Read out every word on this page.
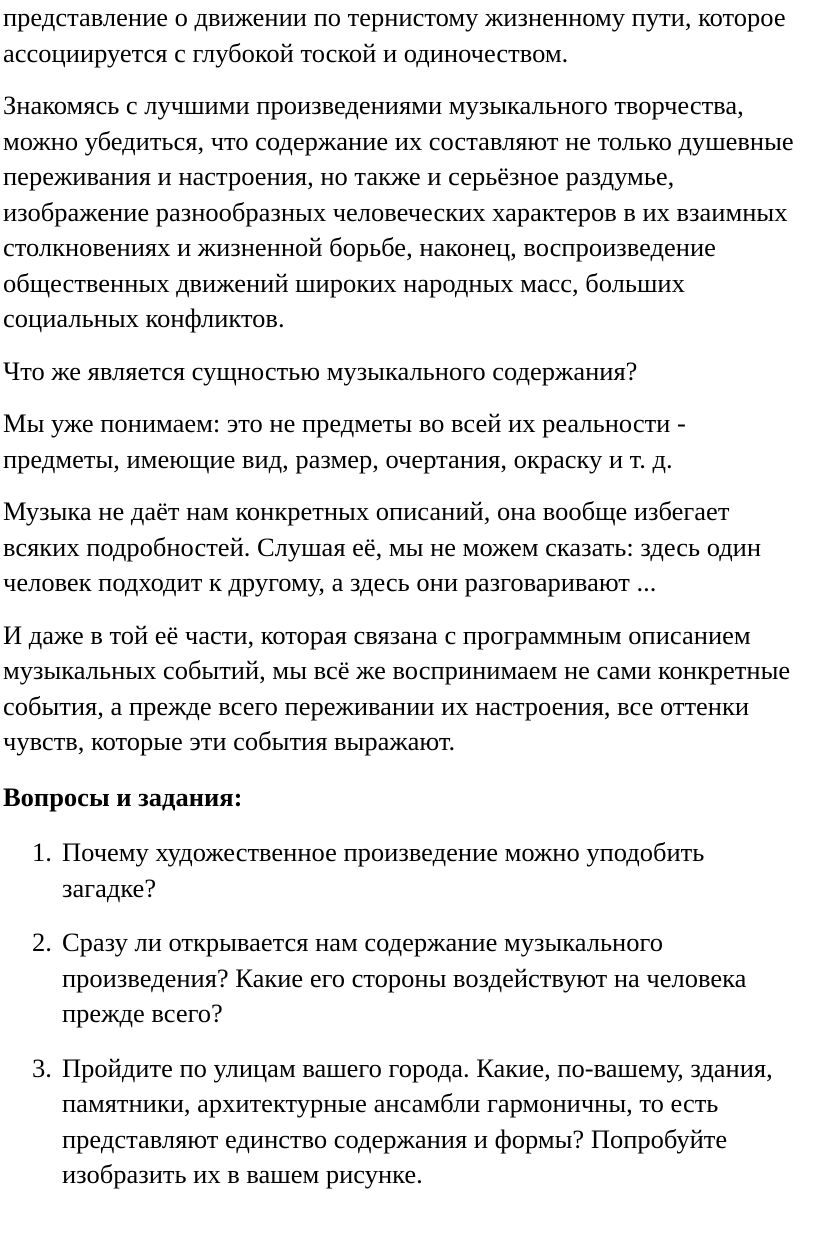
представление о движении по тернистому жизненному пути, которое ассоциируется с глубокой тоской и одиночеством.

Знакомясь с лучшими произведениями музыкального творчества, можно убедиться, что содержание их составляют не только душевные переживания и настроения, но также и серьёзное раздумье, изображение разнообразных человеческих характеров в их взаимных столкновениях и жизненной борьбе, наконец, воспроизведение общественных движений широких народных масс, больших социальных конфликтов.

Что же является сущностью музыкального содержания?

Мы уже понимаем: это не предметы во всей их реальности - предметы, имеющие вид, размер, очертания, окраску и т. д.

Музыка не даёт нам конкретных описаний, она вообще избегает всяких подробностей. Слушая её, мы не можем сказать: здесь один человек подходит к другому, а здесь они разговаривают ...

И даже в той её части, которая связана с программным описанием музыкальных событий, мы всё же воспринимаем не сами конкретные события, а прежде всего переживании их настроения, все оттенки чувств, которые эти события выражают.

Вопросы и задания:

1. Почему художественное произведение можно уподобить загадке?
2. Сразу ли открывается нам содержание музыкального произведения? Какие его стороны воздействуют на человека прежде всего?
3. Пройдите по улицам вашего города. Какие, по-вашему, здания, памятники, архитектурные ансамбли гармоничны, то есть представляют единство содержания и формы? Попробуйте изобразить их в вашем рисунке.
